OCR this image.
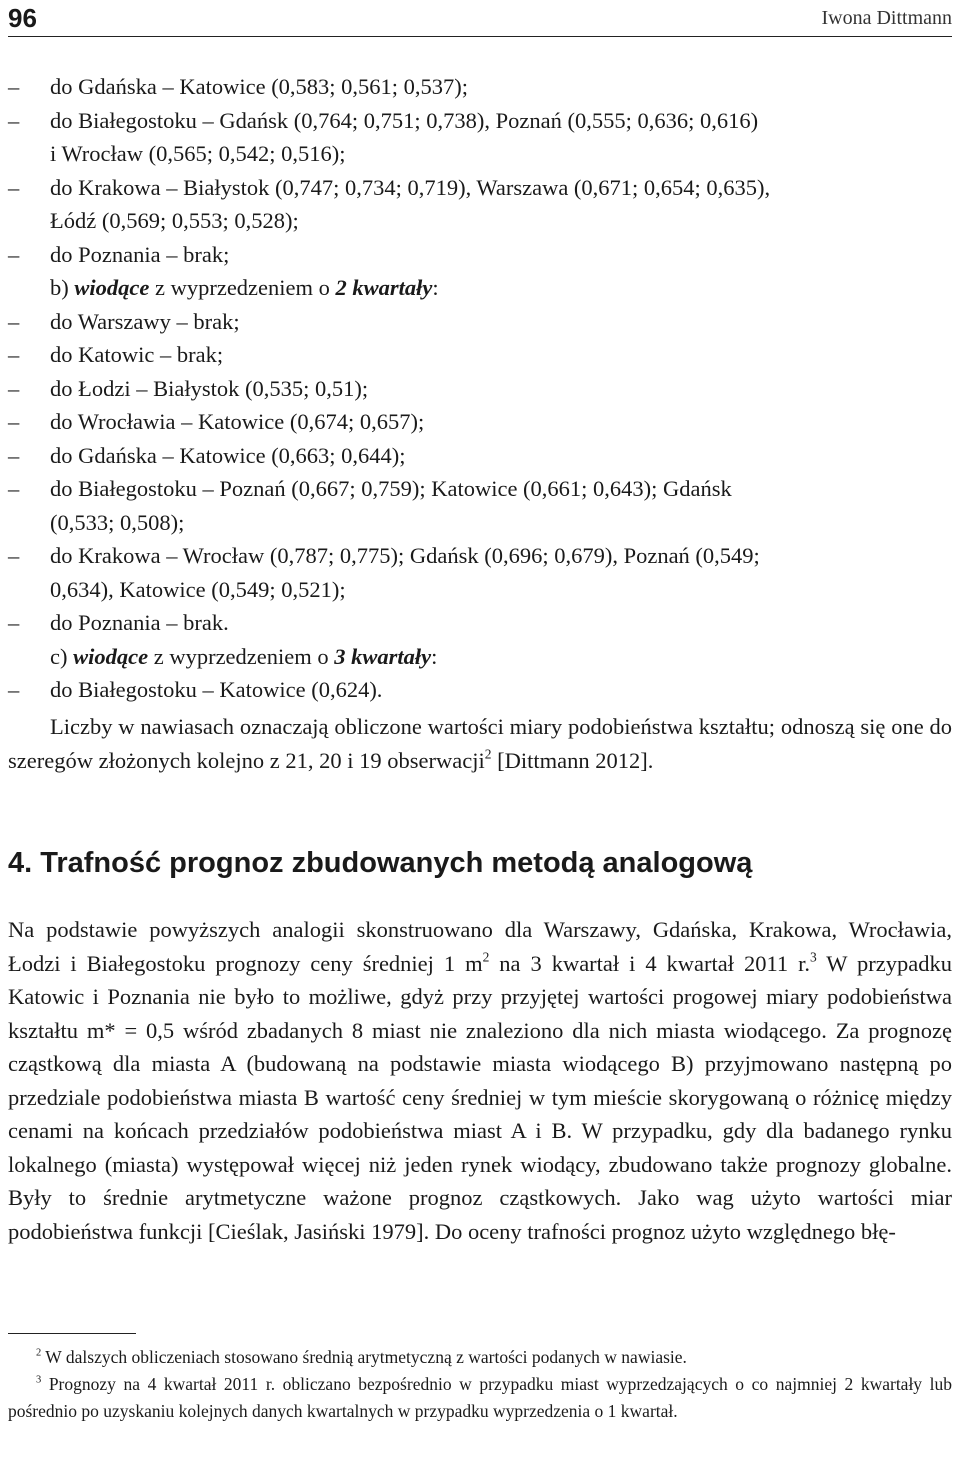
96	Iwona Dittmann
– do Gdańska – Katowice (0,583; 0,561; 0,537);
– do Białegostoku – Gdańsk (0,764; 0,751; 0,738), Poznań (0,555; 0,636; 0,616)
i Wrocław (0,565; 0,542; 0,516);
– do Krakowa – Białystok (0,747; 0,734; 0,719), Warszawa (0,671; 0,654; 0,635),
Łódź (0,569; 0,553; 0,528);
– do Poznania – brak;
b) wiodące z wyprzedzeniem o 2 kwartały:
– do Warszawy – brak;
– do Katowic – brak;
– do Łodzi – Białystok (0,535; 0,51);
– do Wrocławia – Katowice (0,674; 0,657);
– do Gdańska – Katowice (0,663; 0,644);
– do Białegostoku – Poznań (0,667; 0,759); Katowice (0,661; 0,643); Gdańsk
(0,533; 0,508);
– do Krakowa – Wrocław (0,787; 0,775); Gdańsk (0,696; 0,679), Poznań (0,549;
0,634), Katowice (0,549; 0,521);
– do Poznania – brak.
c) wiodące z wyprzedzeniem o 3 kwartały:
– do Białegostoku – Katowice (0,624).

Liczby w nawiasach oznaczają obliczone wartości miary podobieństwa kształtu; odnoszą się one do szeregów złożonych kolejno z 21, 20 i 19 obserwacji$^2$ [Dittmann 2012].

4. Trafność prognoz zbudowanych metodą analogową

Na podstawie powyższych analogii skonstruowano dla Warszawy, Gdańska, Krakowa, Wrocławia, Łodzi i Białegostoku prognozy ceny średniej 1 $m^2$ na 3 kwartał i 4 kwartał 2011 r.$^3$ W przypadku Katowic i Poznania nie było to możliwe, gdyż przy przyjętej wartości progowej miary podobieństwa kształtu m* = 0,5 wśród zbadanych 8 miast nie znaleziono dla nich miasta wiodącego. Za prognozę cząstkową dla miasta A (budowaną na podstawie miasta wiodącego B) przyjmowano następną po przedziale podobieństwa miasta B wartość ceny średniej w tym mieście skorygowaną o różnicę między cenami na końcach przedziałów podobieństwa miast A i B. W przypadku, gdy dla badanego rynku lokalnego (miasta) występował więcej niż jeden rynek wiodący, zbudowano także prognozy globalne. Były to średnie arytmetyczne ważone prognoz cząstkowych. Jako wag użyto wartości miar podobieństwa funkcji [Cieślak, Jasiński 1979]. Do oceny trafności prognoz użyto względnego błę-

$^2$ W dalszych obliczeniach stosowano średnią arytmetyczną z wartości podanych w nawiasie.

$^3$ Prognozy na 4 kwartał 2011 r. obliczano bezpośrednio w przypadku miast wyprzedzających o co najmniej 2 kwartały lub pośrednio po uzyskaniu kolejnych danych kwartalnych w przypadku wyprzedzenia o 1 kwartał.
